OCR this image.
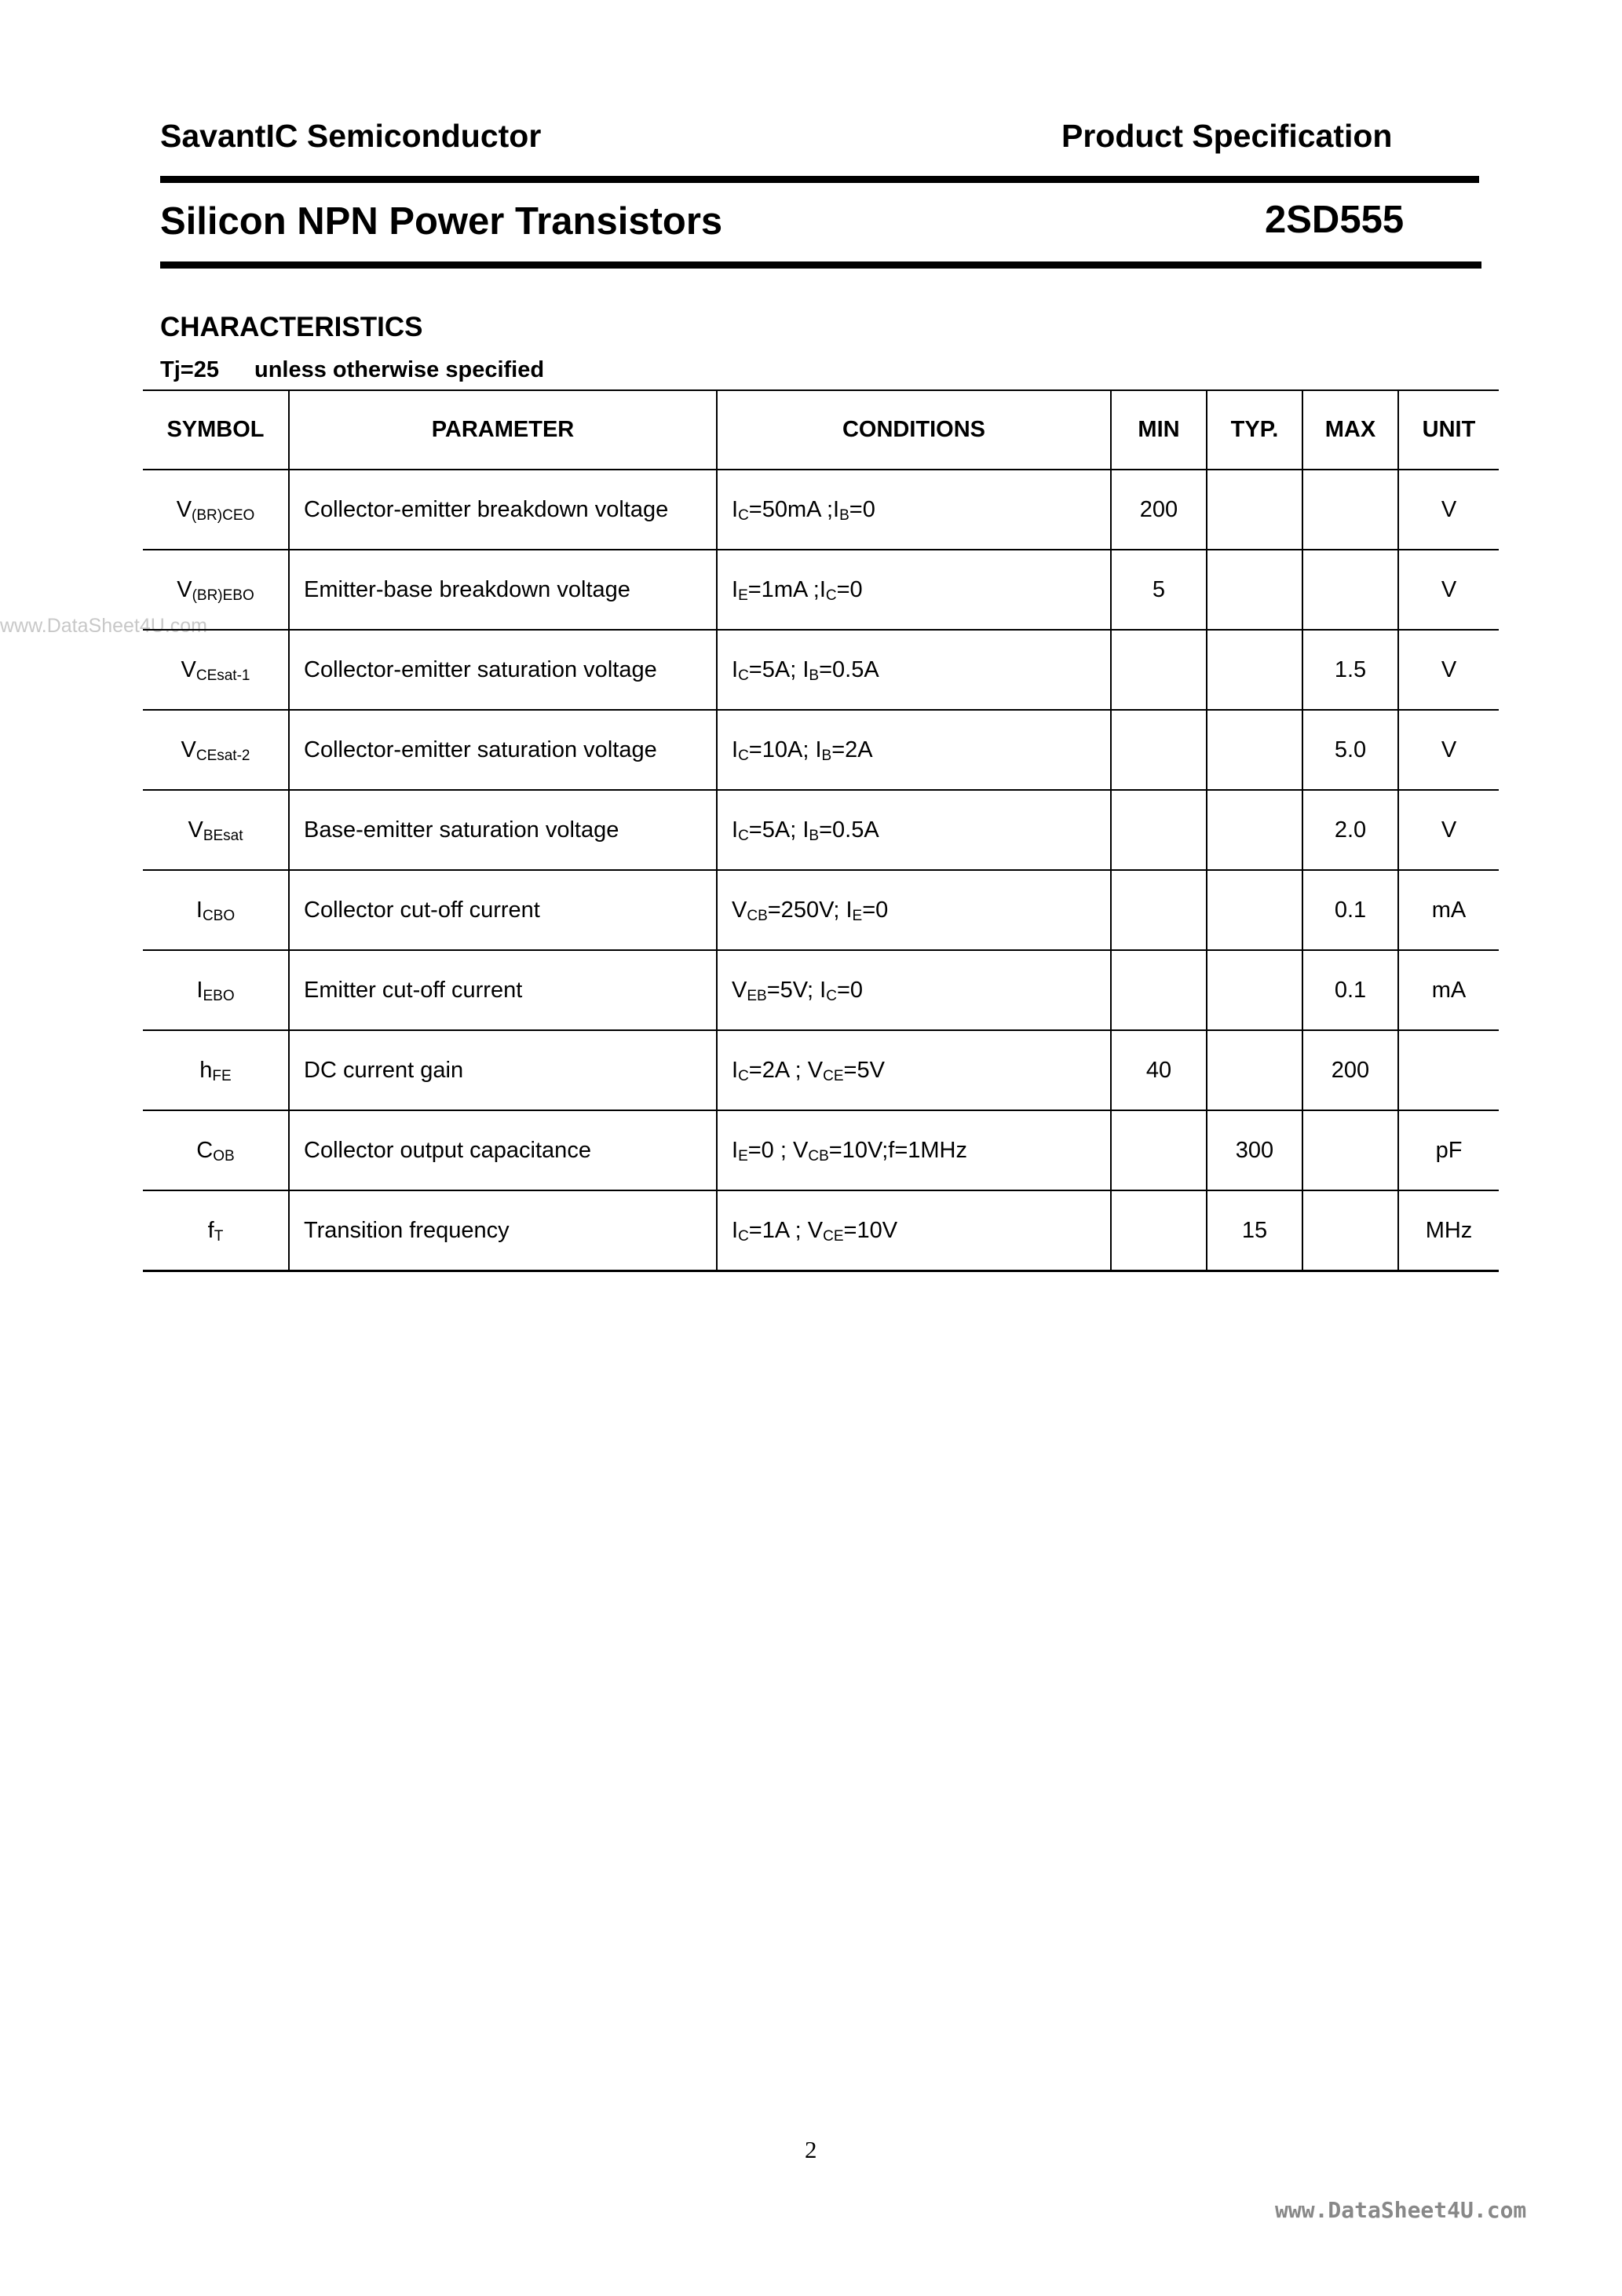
SavantIC Semiconductor	Product Specification
Silicon NPN Power Transistors	2SD555
www.DataSheet4U.com
CHARACTERISTICS
Tj=25 unless otherwise specified
SYMBOL	PARAMETER	CONDITIONS	MIN	TYP.	MAX	UNIT
$V_{(BR)CEO}$	Collector-emitter breakdown voltage	$I_C=50mA$ $;I_B=0$	200			V
$V_{(BR)EBO}$	Emitter-base breakdown voltage	$I_E=1mA$ $;I_C=0$	5			V
$V_{CEsat-1}$	Collector-emitter saturation voltage	$I_C=5A$; $I_B=0.5A$			1.5	V
$V_{CEsat-2}$	Collector-emitter saturation voltage	$I_C=10A$; $I_B=2A$			5.0	V
$V_{BEsat}$	Base-emitter saturation voltage	$I_C=5A$; $I_B=0.5A$			2.0	V
$I_{CBO}$	Collector cut-off current	$V_{CB}=250V$; $I_E=0$			0.1	mA
$I_{EBO}$	Emitter cut-off current	$V_{EB}=5V$; $I_C=0$			0.1	mA
$h_{FE}$	DC current gain	$I_C=2A$ ; $V_{CE}=5V$	40		200	
$C_{OB}$	Collector output capacitance	$I_E=0$ ; $V_{CB}=10V;f=1MHz$		300		pF
$f_T$	Transition frequency	$I_C=1A$ ; $V_{CE}=10V$		15		MHz
2
www.DataSheet4U.com
